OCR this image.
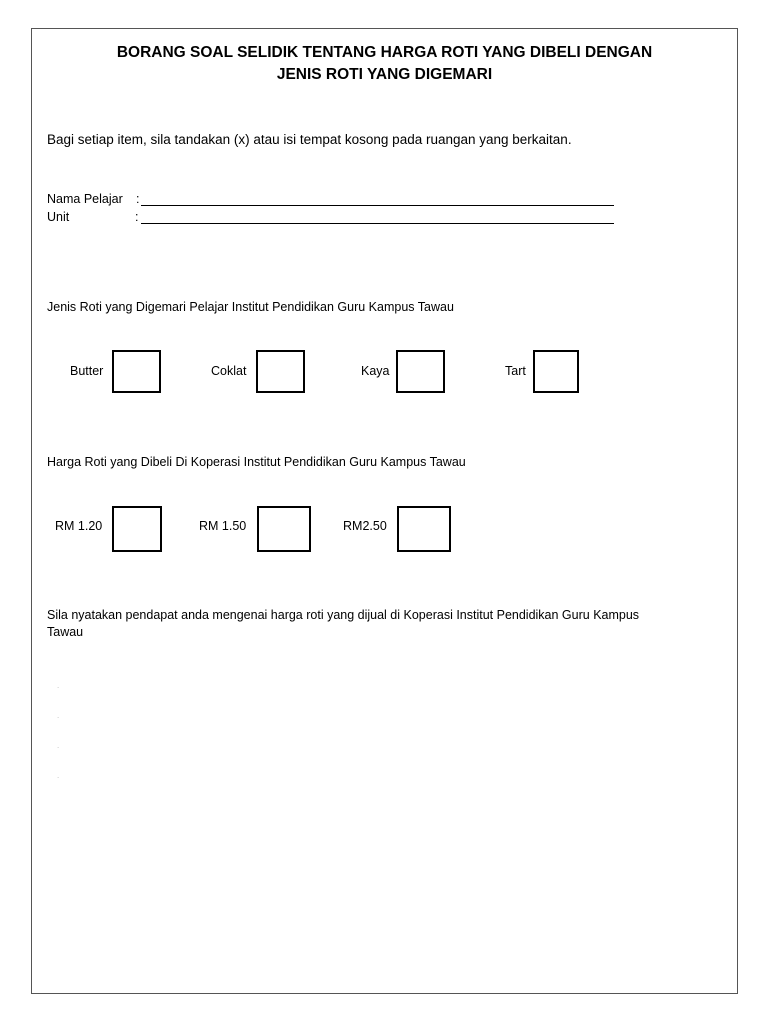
BORANG SOAL SELIDIK TENTANG HARGA ROTI YANG DIBELI DENGAN
JENIS ROTI YANG DIGEMARI
Bagi setiap item, sila tandakan (x) atau isi tempat kosong pada ruangan yang berkaitan.
Nama Pelajar :
Unit	:
Jenis Roti yang Digemari Pelajar Institut Pendidikan Guru Kampus Tawau
Butter	Coklat	Kaya	Tart
Harga Roti yang Dibeli Di Koperasi Institut Pendidikan Guru Kampus Tawau
RM 1.20	RM 1.50	RM2.50
Sila nyatakan pendapat anda mengenai harga roti yang dijual di Koperasi Institut Pendidikan Guru Kampus
Tawau
.
.
.
.
